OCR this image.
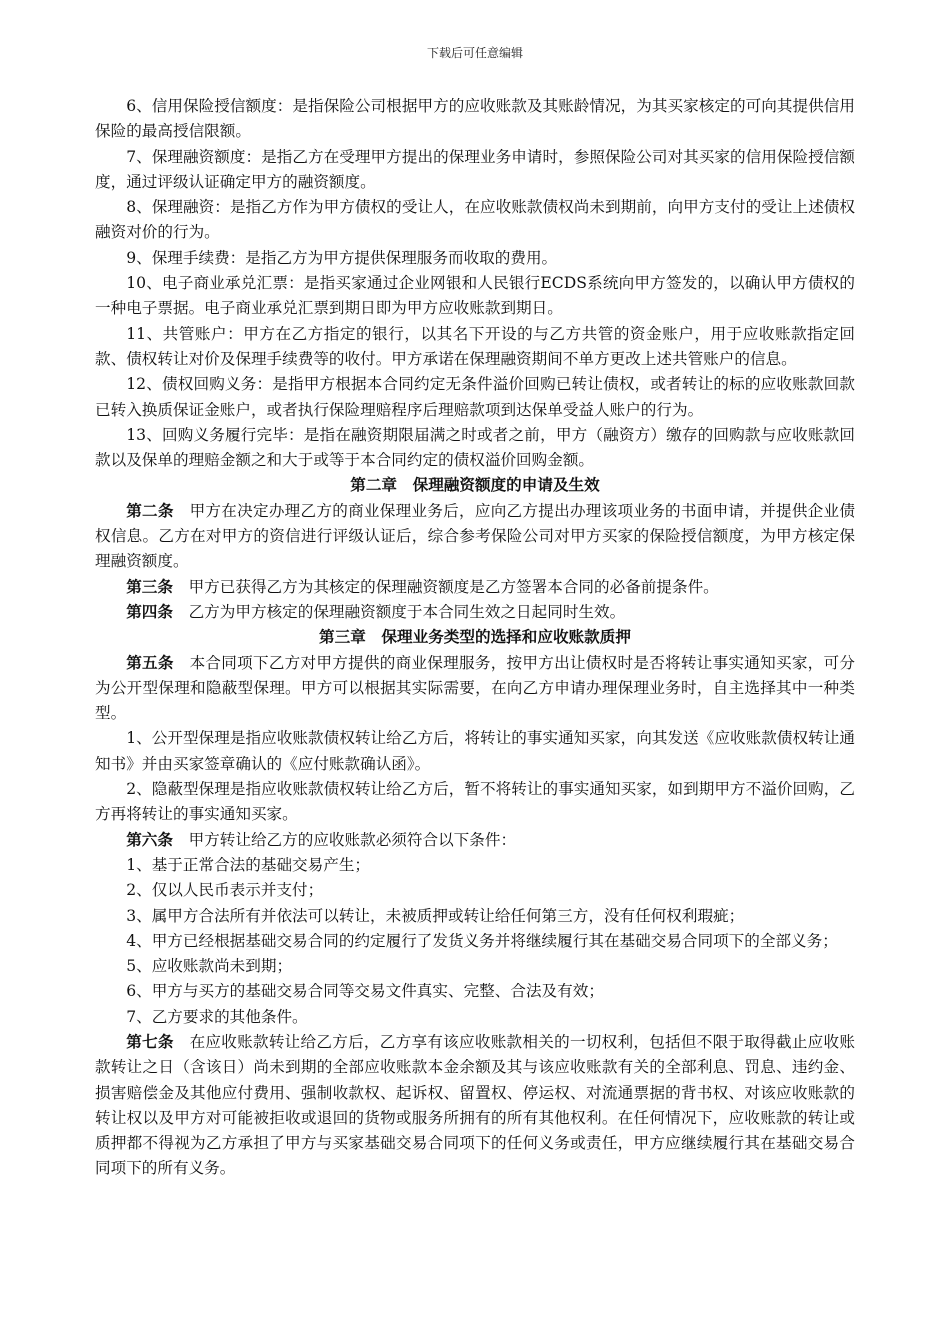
下载后可任意编辑
6、信用保险授信额度：是指保险公司根据甲方的应收账款及其账龄情况，为其买家核定的可向其提供信用保险的最高授信限额。
7、保理融资额度：是指乙方在受理甲方提出的保理业务申请时，参照保险公司对其买家的信用保险授信额度，通过评级认证确定甲方的融资额度。
8、保理融资：是指乙方作为甲方债权的受让人，在应收账款债权尚未到期前，向甲方支付的受让上述债权融资对价的行为。
9、保理手续费：是指乙方为甲方提供保理服务而收取的费用。
10、电子商业承兑汇票：是指买家通过企业网银和人民银行ECDS系统向甲方签发的，以确认甲方债权的一种电子票据。电子商业承兑汇票到期日即为甲方应收账款到期日。
11、共管账户：甲方在乙方指定的银行，以其名下开设的与乙方共管的资金账户，用于应收账款指定回款、债权转让对价及保理手续费等的收付。甲方承诺在保理融资期间不单方更改上述共管账户的信息。
12、债权回购义务：是指甲方根据本合同约定无条件溢价回购已转让债权，或者转让的标的应收账款回款已转入换质保证金账户，或者执行保险理赔程序后理赔款项到达保单受益人账户的行为。
13、回购义务履行完毕：是指在融资期限届满之时或者之前，甲方（融资方）缴存的回购款与应收账款回款以及保单的理赔金额之和大于或等于本合同约定的债权溢价回购金额。
第二章　保理融资额度的申请及生效
第二条 甲方在决定办理乙方的商业保理业务后，应向乙方提出办理该项业务的书面申请，并提供企业债权信息。乙方在对甲方的资信进行评级认证后，综合参考保险公司对甲方买家的保险授信额度，为甲方核定保理融资额度。
第三条 甲方已获得乙方为其核定的保理融资额度是乙方签署本合同的必备前提条件。
第四条 乙方为甲方核定的保理融资额度于本合同生效之日起同时生效。
第三章　保理业务类型的选择和应收账款质押
第五条 本合同项下乙方对甲方提供的商业保理服务，按甲方出让债权时是否将转让事实通知买家，可分为公开型保理和隐蔽型保理。甲方可以根据其实际需要，在向乙方申请办理保理业务时，自主选择其中一种类型。
1、公开型保理是指应收账款债权转让给乙方后，将转让的事实通知买家，向其发送《应收账款债权转让通知书》并由买家签章确认的《应付账款确认函》。
2、隐蔽型保理是指应收账款债权转让给乙方后，暂不将转让的事实通知买家，如到期甲方不溢价回购，乙方再将转让的事实通知买家。
第六条 甲方转让给乙方的应收账款必须符合以下条件：
1、基于正常合法的基础交易产生；
2、仅以人民币表示并支付；
3、属甲方合法所有并依法可以转让，未被质押或转让给任何第三方，没有任何权利瑕疵；
4、甲方已经根据基础交易合同的约定履行了发货义务并将继续履行其在基础交易合同项下的全部义务；
5、应收账款尚未到期；
6、甲方与买方的基础交易合同等交易文件真实、完整、合法及有效；
7、乙方要求的其他条件。
第七条 在应收账款转让给乙方后，乙方享有该应收账款相关的一切权利，包括但不限于取得截止应收账款转让之日（含该日）尚未到期的全部应收账款本金余额及其与该应收账款有关的全部利息、罚息、违约金、损害赔偿金及其他应付费用、强制收款权、起诉权、留置权、停运权、对流通票据的背书权、对该应收账款的转让权以及甲方对可能被拒收或退回的货物或服务所拥有的所有其他权利。在任何情况下，应收账款的转让或质押都不得视为乙方承担了甲方与买家基础交易合同项下的任何义务或责任，甲方应继续履行其在基础交易合同项下的所有义务。
